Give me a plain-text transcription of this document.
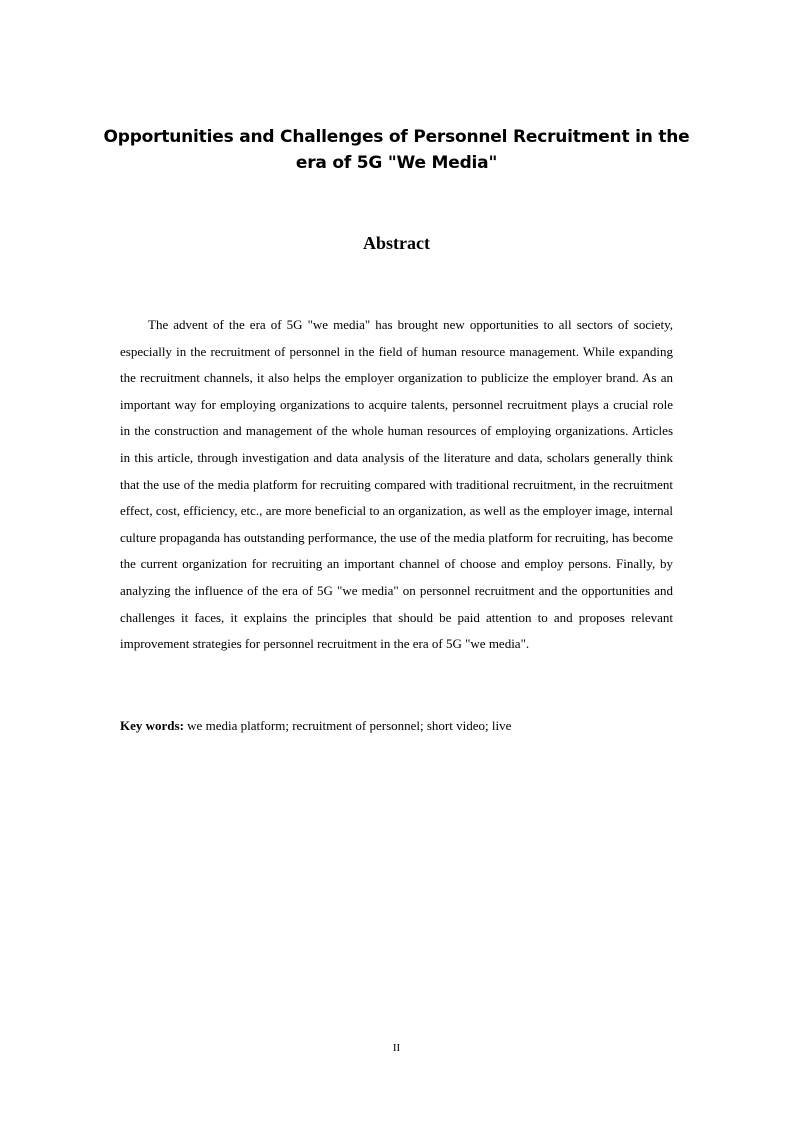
Opportunities and Challenges of Personnel Recruitment in the era of 5G "We Media"
Abstract

The advent of the era of 5G "we media" has brought new opportunities to all sectors of society, especially in the recruitment of personnel in the field of human resource management. While expanding the recruitment channels, it also helps the employer organization to publicize the employer brand. As an important way for employing organizations to acquire talents, personnel recruitment plays a crucial role in the construction and management of the whole human resources of employing organizations. Articles in this article, through investigation and data analysis of the literature and data, scholars generally think that the use of the media platform for recruiting compared with traditional recruitment, in the recruitment effect, cost, efficiency, etc., are more beneficial to an organization, as well as the employer image, internal culture propaganda has outstanding performance, the use of the media platform for recruiting, has become the current organization for recruiting an important channel of choose and employ persons. Finally, by analyzing the influence of the era of 5G "we media" on personnel recruitment and the opportunities and challenges it faces, it explains the principles that should be paid attention to and proposes relevant improvement strategies for personnel recruitment in the era of 5G "we media".

Key words: we media platform; recruitment of personnel; short video; live

II
